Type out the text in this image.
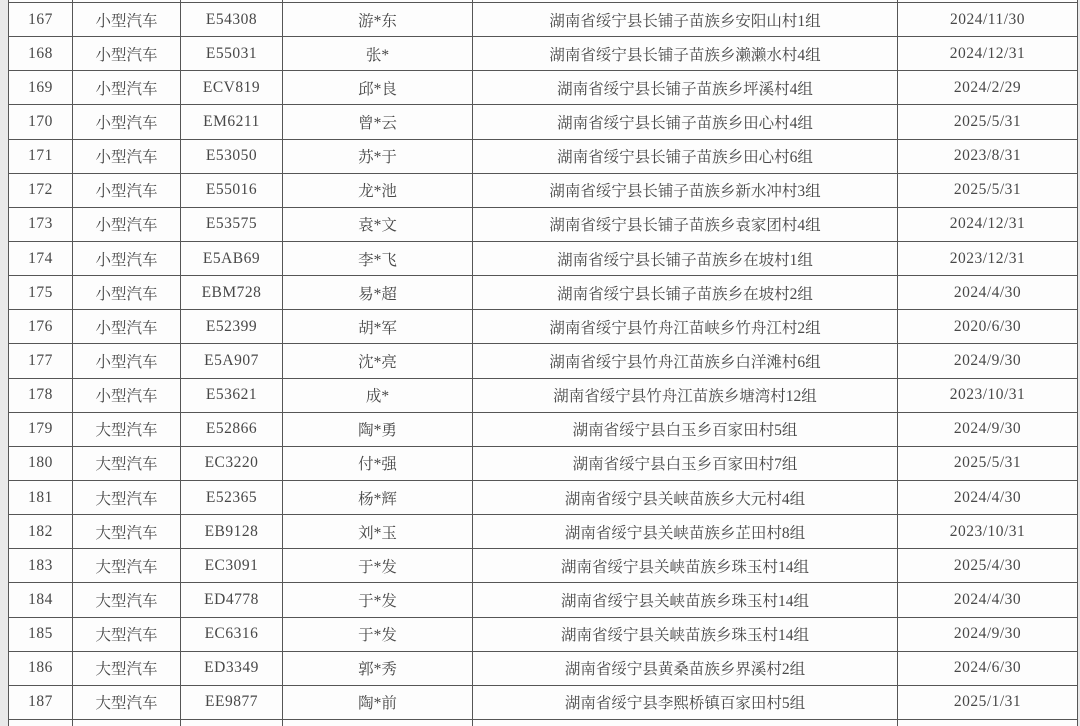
167	小型汽车	E54308	游*东	湖南省绥宁县长铺子苗族乡安阳山村1组	2024/11/30
168	小型汽车	E55031	张*	湖南省绥宁县长铺子苗族乡濑濑水村4组	2024/12/31
169	小型汽车	ECV819	邱*良	湖南省绥宁县长铺子苗族乡坪溪村4组	2024/2/29
170	小型汽车	EM6211	曾*云	湖南省绥宁县长铺子苗族乡田心村4组	2025/5/31
171	小型汽车	E53050	苏*于	湖南省绥宁县长铺子苗族乡田心村6组	2023/8/31
172	小型汽车	E55016	龙*池	湖南省绥宁县长铺子苗族乡新水冲村3组	2025/5/31
173	小型汽车	E53575	袁*文	湖南省绥宁县长铺子苗族乡袁家团村4组	2024/12/31
174	小型汽车	E5AB69	李*飞	湖南省绥宁县长铺子苗族乡在坡村1组	2023/12/31
175	小型汽车	EBM728	易*超	湖南省绥宁县长铺子苗族乡在坡村2组	2024/4/30
176	小型汽车	E52399	胡*军	湖南省绥宁县竹舟江苗峡乡竹舟江村2组	2020/6/30
177	小型汽车	E5A907	沈*亮	湖南省绥宁县竹舟江苗族乡白洋滩村6组	2024/9/30
178	小型汽车	E53621	成*	湖南省绥宁县竹舟江苗族乡塘湾村12组	2023/10/31
179	大型汽车	E52866	陶*勇	湖南省绥宁县白玉乡百家田村5组	2024/9/30
180	大型汽车	EC3220	付*强	湖南省绥宁县白玉乡百家田村7组	2025/5/31
181	大型汽车	E52365	杨*辉	湖南省绥宁县关峡苗族乡大元村4组	2024/4/30
182	大型汽车	EB9128	刘*玉	湖南省绥宁县关峡苗族乡芷田村8组	2023/10/31
183	大型汽车	EC3091	于*发	湖南省绥宁县关峡苗族乡珠玉村14组	2025/4/30
184	大型汽车	ED4778	于*发	湖南省绥宁县关峡苗族乡珠玉村14组	2024/4/30
185	大型汽车	EC6316	于*发	湖南省绥宁县关峡苗族乡珠玉村14组	2024/9/30
186	大型汽车	ED3349	郭*秀	湖南省绥宁县黄桑苗族乡界溪村2组	2024/6/30
187	大型汽车	EE9877	陶*前	湖南省绥宁县李熙桥镇百家田村5组	2025/1/31
